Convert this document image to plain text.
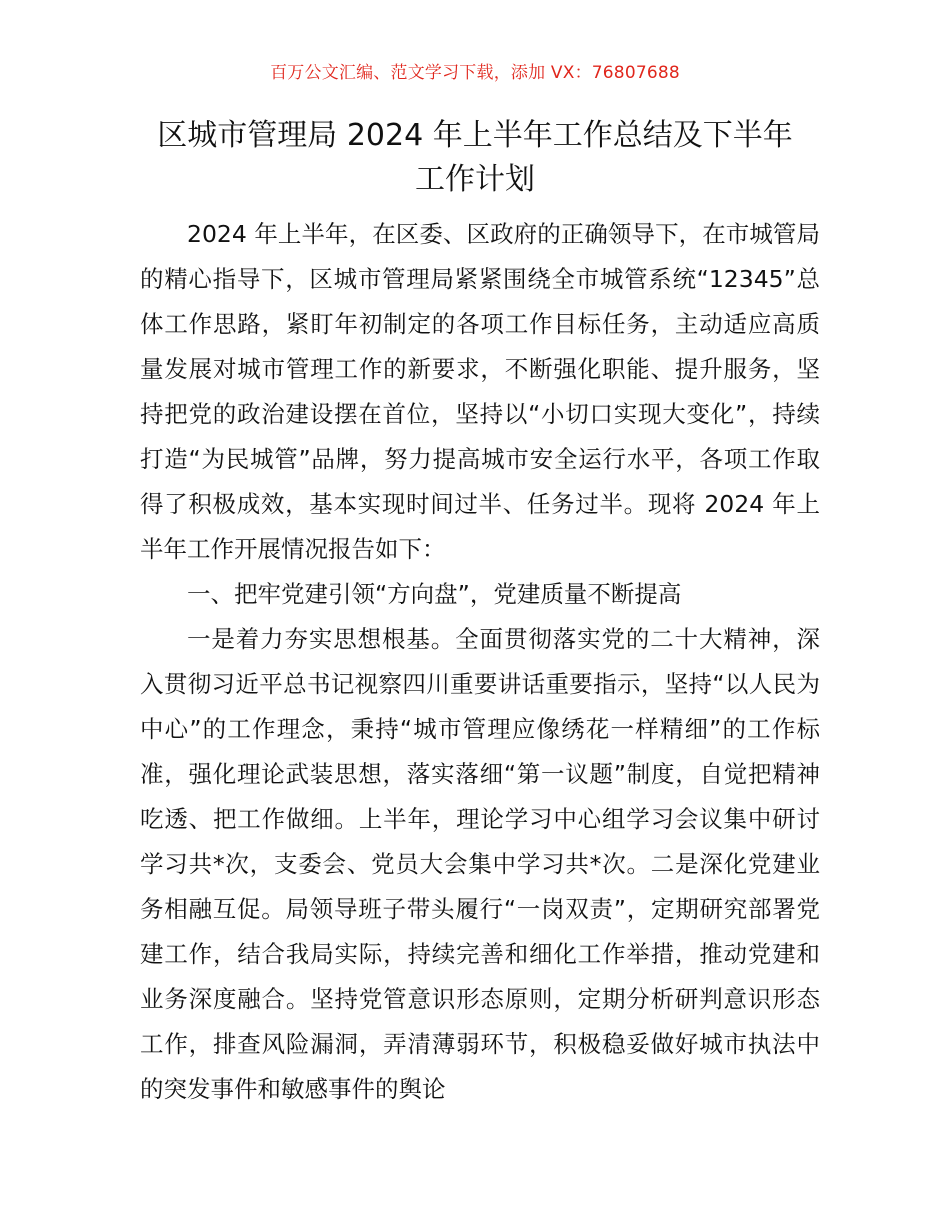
百万公文汇编、范文学习下载，添加 VX：76807688
区城市管理局 2024 年上半年工作总结及下半年
工作计划

2024 年上半年，在区委、区政府的正确领导下，在市城管局的精心指导下，区城市管理局紧紧围绕全市城管系统“12345”总体工作思路，紧盯年初制定的各项工作目标任务，主动适应高质量发展对城市管理工作的新要求，不断强化职能、提升服务，坚持把党的政治建设摆在首位，坚持以“小切口实现大变化”，持续打造“为民城管”品牌，努力提高城市安全运行水平，各项工作取得了积极成效，基本实现时间过半、任务过半。现将 2024 年上半年工作开展情况报告如下：

一、把牢党建引领“方向盘”，党建质量不断提高

一是着力夯实思想根基。全面贯彻落实党的二十大精神，深入贯彻习近平总书记视察四川重要讲话重要指示，坚持“以人民为中心”的工作理念，秉持“城市管理应像绣花一样精细”的工作标准，强化理论武装思想，落实落细“第一议题”制度，自觉把精神吃透、把工作做细。上半年，理论学习中心组学习会议集中研讨学习共*次，支委会、党员大会集中学习共*次。二是深化党建业务相融互促。局领导班子带头履行“一岗双责”，定期研究部署党建工作，结合我局实际，持续完善和细化工作举措，推动党建和业务深度融合。坚持党管意识形态原则，定期分析研判意识形态工作，排查风险漏洞，弄清薄弱环节，积极稳妥做好城市执法中的突发事件和敏感事件的舆论
